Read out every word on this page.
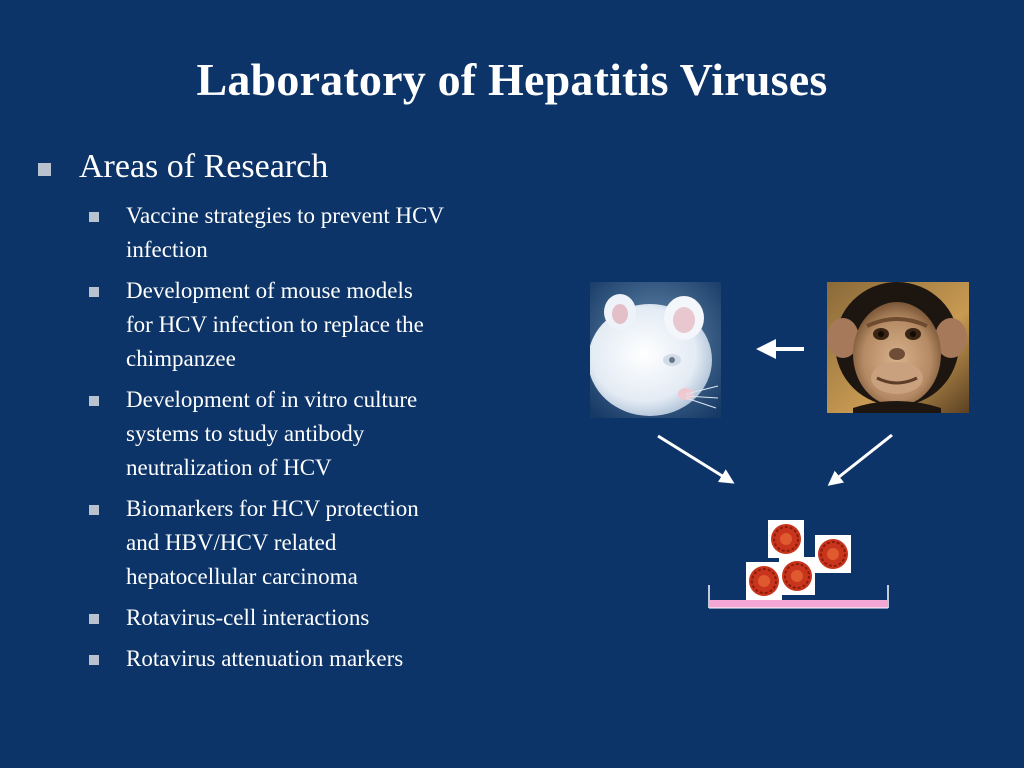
Laboratory of Hepatitis Viruses
Areas of Research
Vaccine strategies to prevent HCV
infection
Development of mouse models
for HCV infection to replace the
chimpanzee
Development of in vitro culture
systems to study antibody
neutralization of HCV
Biomarkers for HCV protection
and HBV/HCV related
hepatocellular carcinoma
Rotavirus-cell interactions
Rotavirus attenuation markers
